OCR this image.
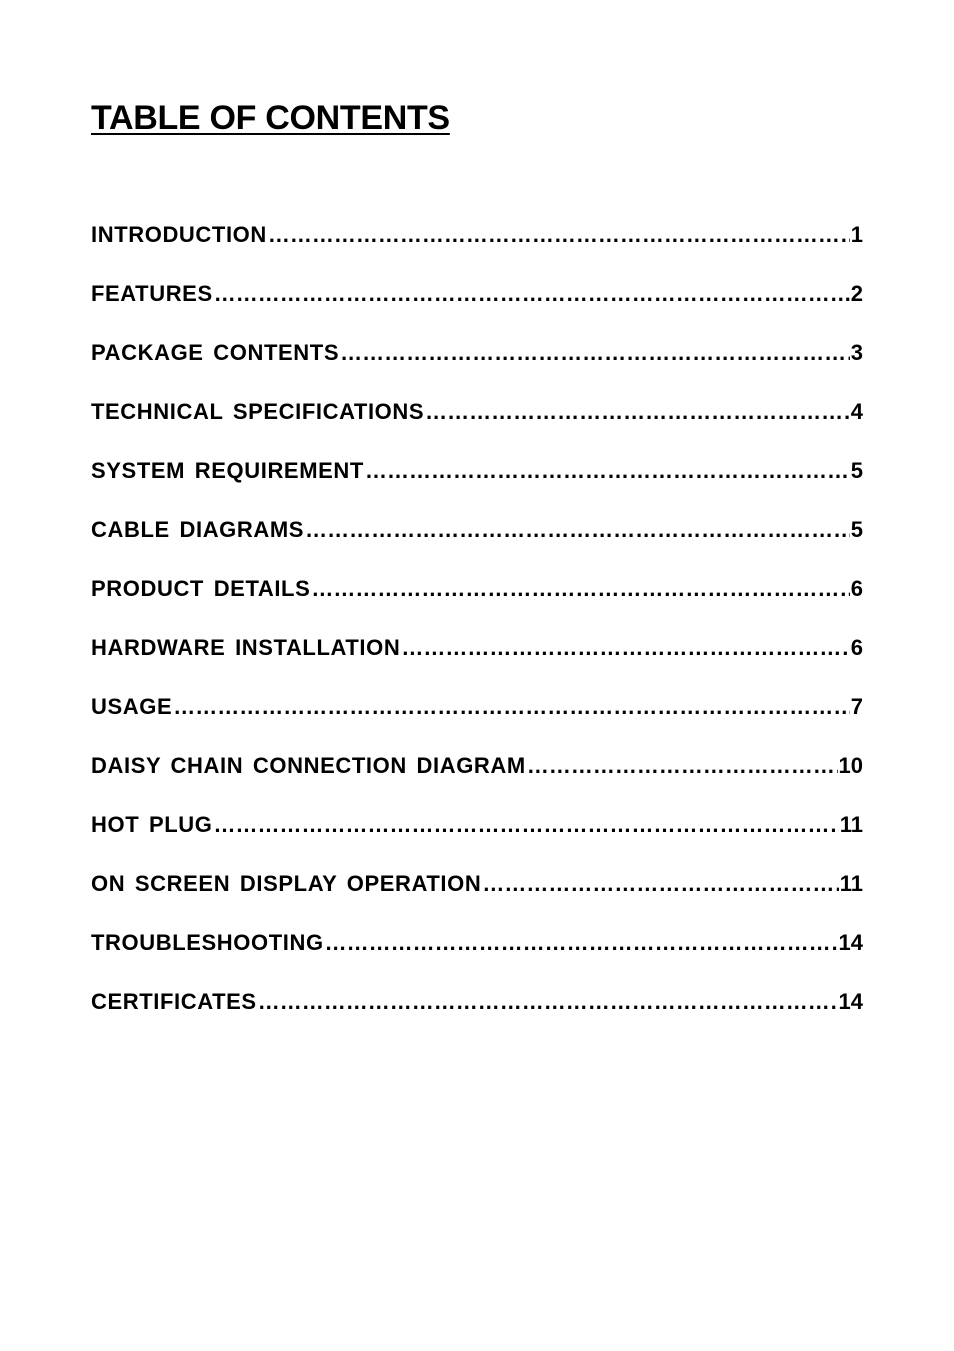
TABLE OF CONTENTS
INTRODUCTION ……………………………………………………………………………………………………………………………………………………………………	1
FEATURES ……………………………………………………………………………………………………………………………………………………………………	2
PACKAGE CONTENTS ……………………………………………………………………………………………………………………………………………………………………	3
TECHNICAL SPECIFICATIONS ……………………………………………………………………………………………………………………………………………………………………	4
SYSTEM REQUIREMENT ……………………………………………………………………………………………………………………………………………………………………	5
CABLE DIAGRAMS ……………………………………………………………………………………………………………………………………………………………………	5
PRODUCT DETAILS ……………………………………………………………………………………………………………………………………………………………………	6
HARDWARE INSTALLATION ……………………………………………………………………………………………………………………………………………………………………	6
USAGE ……………………………………………………………………………………………………………………………………………………………………	7
DAISY CHAIN CONNECTION DIAGRAM ……………………………………………………………………………………………………………………………………………………………………	10
HOT PLUG ……………………………………………………………………………………………………………………………………………………………………	11
ON SCREEN DISPLAY OPERATION ……………………………………………………………………………………………………………………………………………………………………	11
TROUBLESHOOTING ……………………………………………………………………………………………………………………………………………………………………	14
CERTIFICATES ……………………………………………………………………………………………………………………………………………………………………	14
